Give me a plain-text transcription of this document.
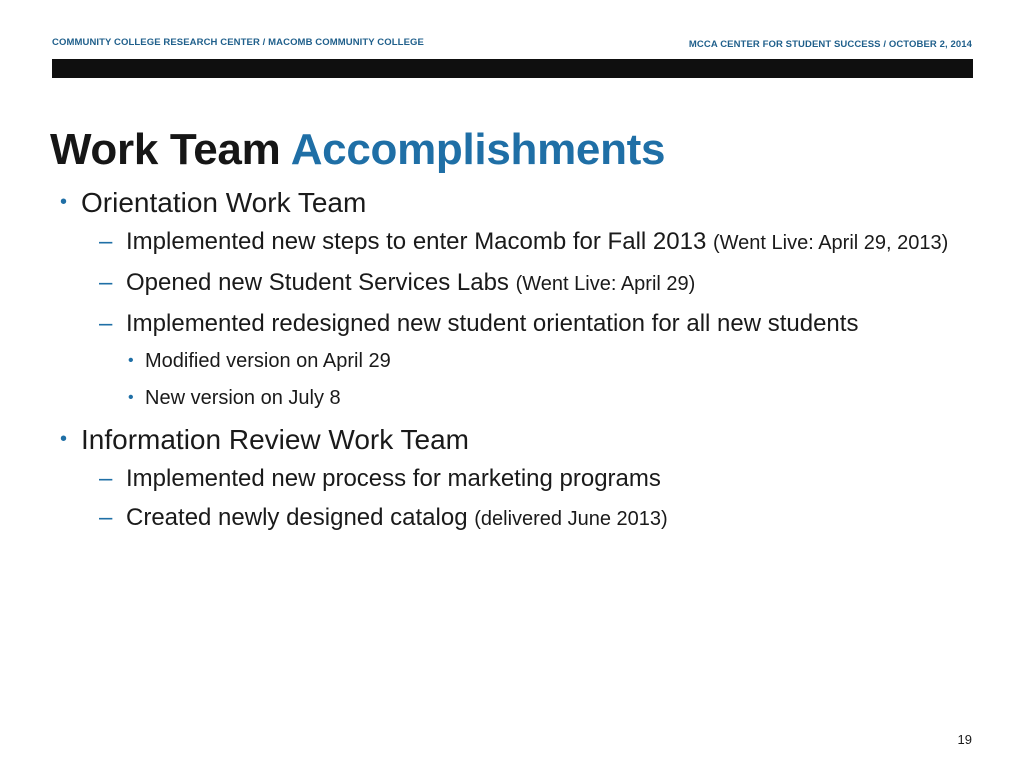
COMMUNITY COLLEGE RESEARCH CENTER / MACOMB COMMUNITY COLLEGE	MCCA CENTER FOR STUDENT SUCCESS / OCTOBER 2, 2014
Work Team Accomplishments
• Orientation Work Team
– Implemented new steps to enter Macomb for Fall 2013 (Went Live: April 29, 2013)
– Opened new Student Services Labs (Went Live: April 29)
– Implemented redesigned new student orientation for all new students
• Modified version on April 29
• New version on July 8
• Information Review Work Team
– Implemented new process for marketing programs
– Created newly designed catalog (delivered June 2013)
19
